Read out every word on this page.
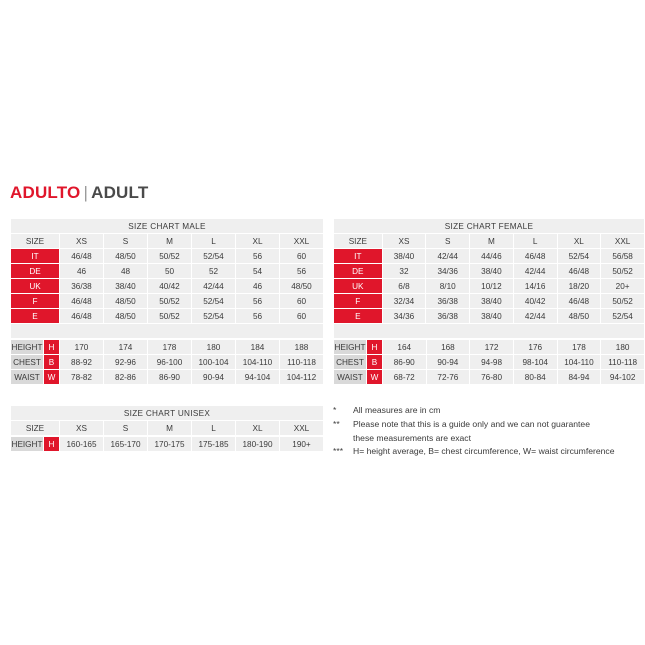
ADULTO | ADULT
SIZE CHART MALE						
SIZE	XS	S	M	L	XL	XXL
IT	46/48	48/50	50/52	52/54	56	60
DE	46	48	50	52	54	56
UK	36/38	38/40	40/42	42/44	46	48/50
F	46/48	48/50	50/52	52/54	56	60
E	46/48	48/50	50/52	52/54	56	60

HEIGHT	H	170	174	178	180	184	188
CHEST	B	88-92	92-96	96-100	100-104	104-110	110-118
WAIST	W	78-82	82-86	86-90	90-94	94-104	104-112
SIZE CHART FEMALE						
SIZE	XS	S	M	L	XL	XXL
IT	38/40	42/44	44/46	46/48	52/54	56/58
DE	32	34/36	38/40	42/44	46/48	50/52
UK	6/8	8/10	10/12	14/16	18/20	20+
F	32/34	36/38	38/40	40/42	46/48	50/52
E	34/36	36/38	38/40	42/44	48/50	52/54

HEIGHT	H	164	168	172	176	178	180
CHEST	B	86-90	90-94	94-98	98-104	104-110	110-118
WAIST	W	68-72	72-76	76-80	80-84	84-94	94-102
SIZE CHART UNISEX
SIZE	XS	S	M	L	XL	XXL
HEIGHT	H	160-165	165-170	170-175	175-185	180-190	190+
*	All measures are in cm
**	Please note that this is a guide only and we can not guarantee
these measurements are exact
***	H= height average, B= chest circumference, W= waist circumference
